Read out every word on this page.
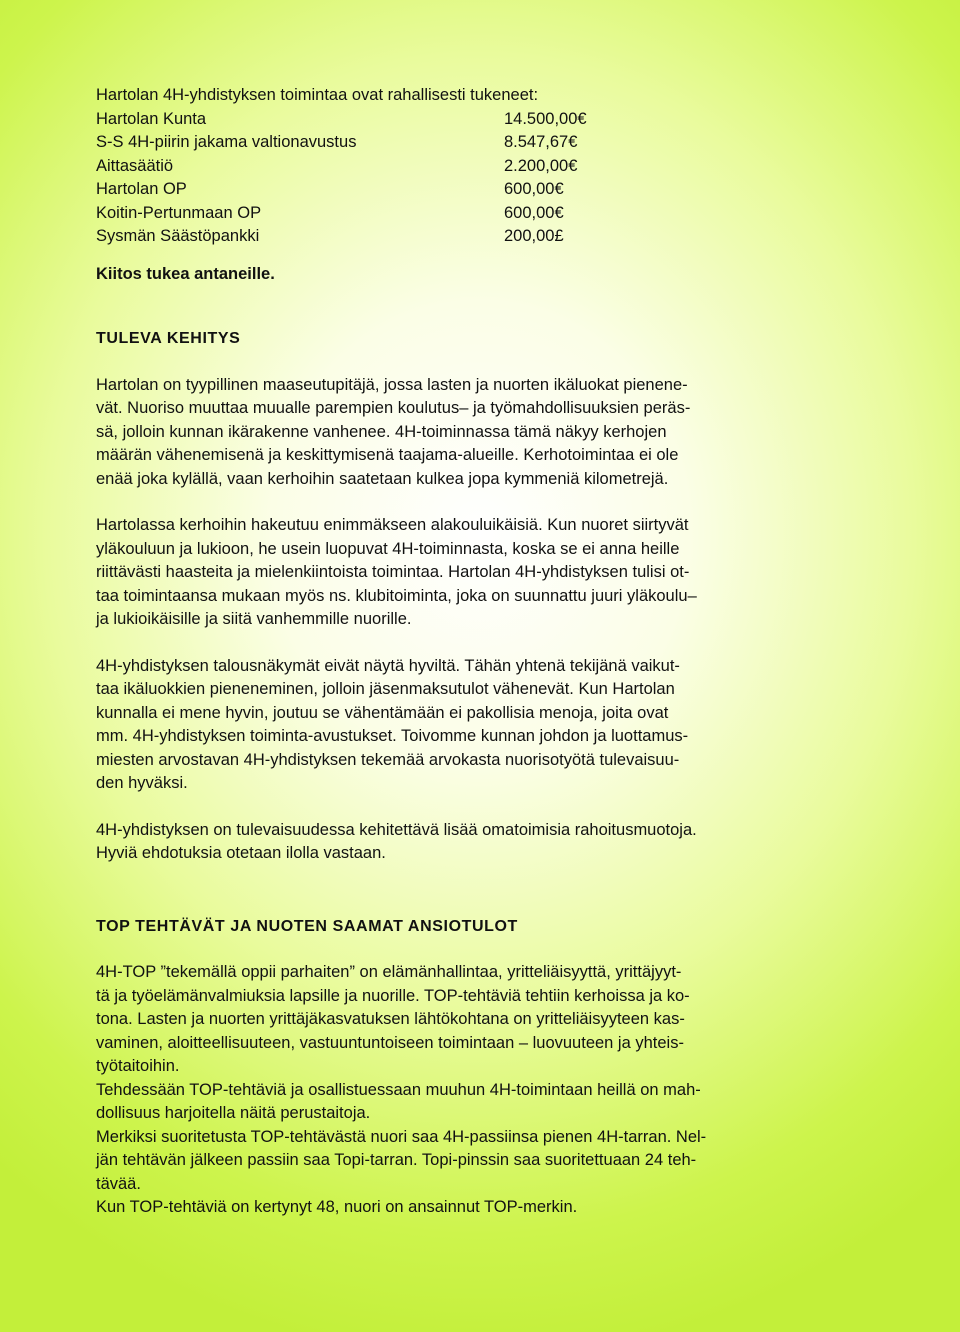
Hartolan 4H-yhdistyksen toimintaa ovat rahallisesti tukeneet:
Hartolan Kunta	14.500,00€
S-S 4H-piirin jakama valtionavustus	8.547,67€
Aittasäätiö	2.200,00€
Hartolan OP	600,00€
Koitin-Pertunmaan OP	600,00€
Sysmän Säästöpankki	200,00£
Kiitos tukea antaneille.
TULEVA KEHITYS
Hartolan on tyypillinen maaseutupitäjä, jossa lasten ja nuorten ikäluokat pienene-
vät. Nuoriso muuttaa muualle parempien koulutus– ja työmahdollisuuksien peräs-
sä, jolloin kunnan ikärakenne vanhenee. 4H-toiminnassa tämä näkyy kerhojen
määrän vähenemisenä ja keskittymisenä taajama-alueille. Kerhotoimintaa ei ole
enää joka kylällä, vaan kerhoihin saatetaan kulkea jopa kymmeniä kilometrejä.
Hartolassa kerhoihin hakeutuu enimmäkseen alakouluikäisiä. Kun nuoret siirtyvät
yläkouluun ja lukioon, he usein luopuvat 4H-toiminnasta, koska se ei anna heille
riittävästi haasteita ja mielenkiintoista toimintaa. Hartolan 4H-yhdistyksen tulisi ot-
taa toimintaansa mukaan myös ns. klubitoiminta, joka on suunnattu juuri yläkoulu–
ja lukioikäisille ja siitä vanhemmille nuorille.
4H-yhdistyksen talousnäkymät eivät näytä hyviltä. Tähän yhtenä tekijänä vaikut-
taa ikäluokkien pieneneminen, jolloin jäsenmaksutulot vähenevät. Kun Hartolan
kunnalla ei mene hyvin, joutuu se vähentämään ei pakollisia menoja, joita ovat
mm. 4H-yhdistyksen toiminta-avustukset. Toivomme kunnan johdon ja luottamus-
miesten arvostavan 4H-yhdistyksen tekemää arvokasta nuorisotyötä tulevaisuu-
den hyväksi.
4H-yhdistyksen on tulevaisuudessa kehitettävä lisää omatoimisia rahoitusmuotoja.
Hyviä ehdotuksia otetaan ilolla vastaan.
TOP TEHTÄVÄT JA NUOTEN SAAMAT ANSIOTULOT
4H-TOP ”tekemällä oppii parhaiten” on elämänhallintaa, yritteliäisyyttä, yrittäjyyt-
tä ja työelämänvalmiuksia lapsille ja nuorille. TOP-tehtäviä tehtiin kerhoissa ja ko-
tona. Lasten ja nuorten yrittäjäkasvatuksen lähtökohtana on yritteliäisyyteen kas-
vaminen, aloitteellisuuteen, vastuuntuntoiseen toimintaan – luovuuteen ja yhteis-
työtaitoihin.
Tehdessään TOP-tehtäviä ja osallistuessaan muuhun 4H-toimintaan heillä on mah-
dollisuus harjoitella näitä perustaitoja.
Merkiksi suoritetusta TOP-tehtävästä nuori saa 4H-passiinsa pienen 4H-tarran. Nel-
jän tehtävän jälkeen passiin saa Topi-tarran. Topi-pinssin saa suoritettuaan 24 teh-
tävää.
Kun TOP-tehtäviä on kertynyt 48, nuori on ansainnut TOP-merkin.
